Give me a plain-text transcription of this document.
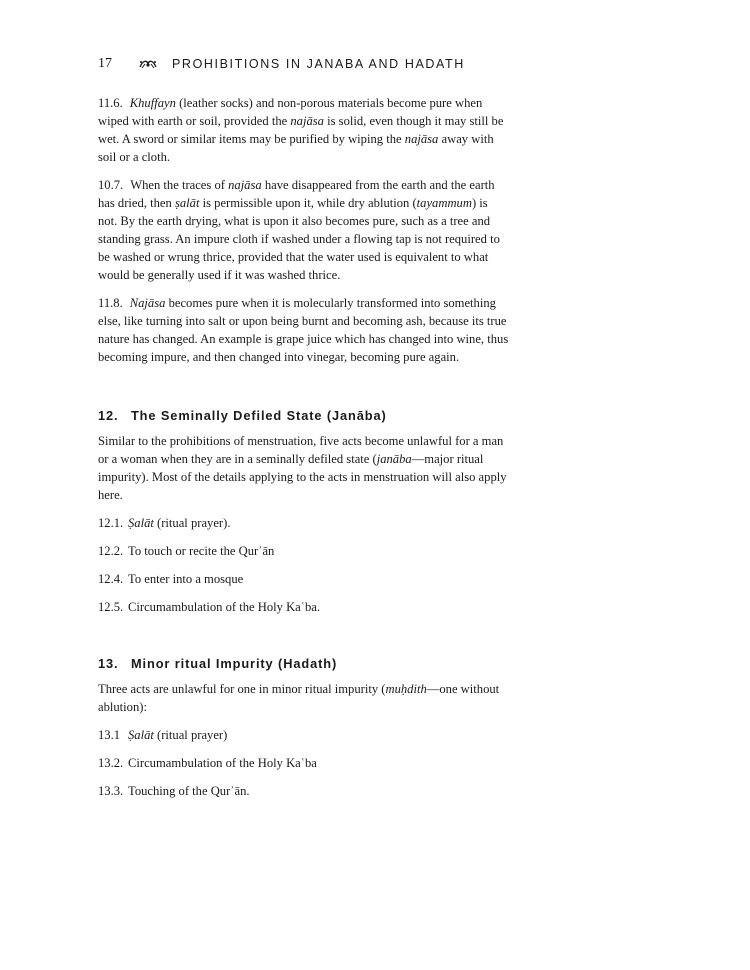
17	PROHIBITIONS IN JANABA AND HADATH

11.6. Khuffayn (leather socks) and non-porous materials become pure when wiped with earth or soil, provided the najāsa is solid, even though it may still be wet. A sword or similar items may be purified by wiping the najāsa away with soil or a cloth.

10.7. When the traces of najāsa have disappeared from the earth and the earth has dried, then ṣalāt is permissible upon it, while dry ablution (tayammum) is not. By the earth drying, what is upon it also becomes pure, such as a tree and standing grass. An impure cloth if washed under a flowing tap is not required to be washed or wrung thrice, provided that the water used is equivalent to what would be generally used if it was washed thrice.

11.8. Najāsa becomes pure when it is molecularly transformed into something else, like turning into salt or upon being burnt and becoming ash, because its true nature has changed. An example is grape juice which has changed into wine, thus becoming impure, and then changed into vinegar, becoming pure again.

12. The Seminally Defiled State (Janāba)

Similar to the prohibitions of menstruation, five acts become unlawful for a man or a woman when they are in a seminally defiled state (janāba—major ritual impurity). Most of the details applying to the acts in menstruation will also apply here.

12.1. Ṣalāt (ritual prayer).
12.2. To touch or recite the Qurʾān
12.4. To enter into a mosque
12.5. Circumambulation of the Holy Kaʿba.
13. Minor ritual Impurity (Hadath)

Three acts are unlawful for one in minor ritual impurity (muḥdith—one without ablution):

13.1 Ṣalāt (ritual prayer)
13.2. Circumambulation of the Holy Kaʿba
13.3. Touching of the Qurʾān.
